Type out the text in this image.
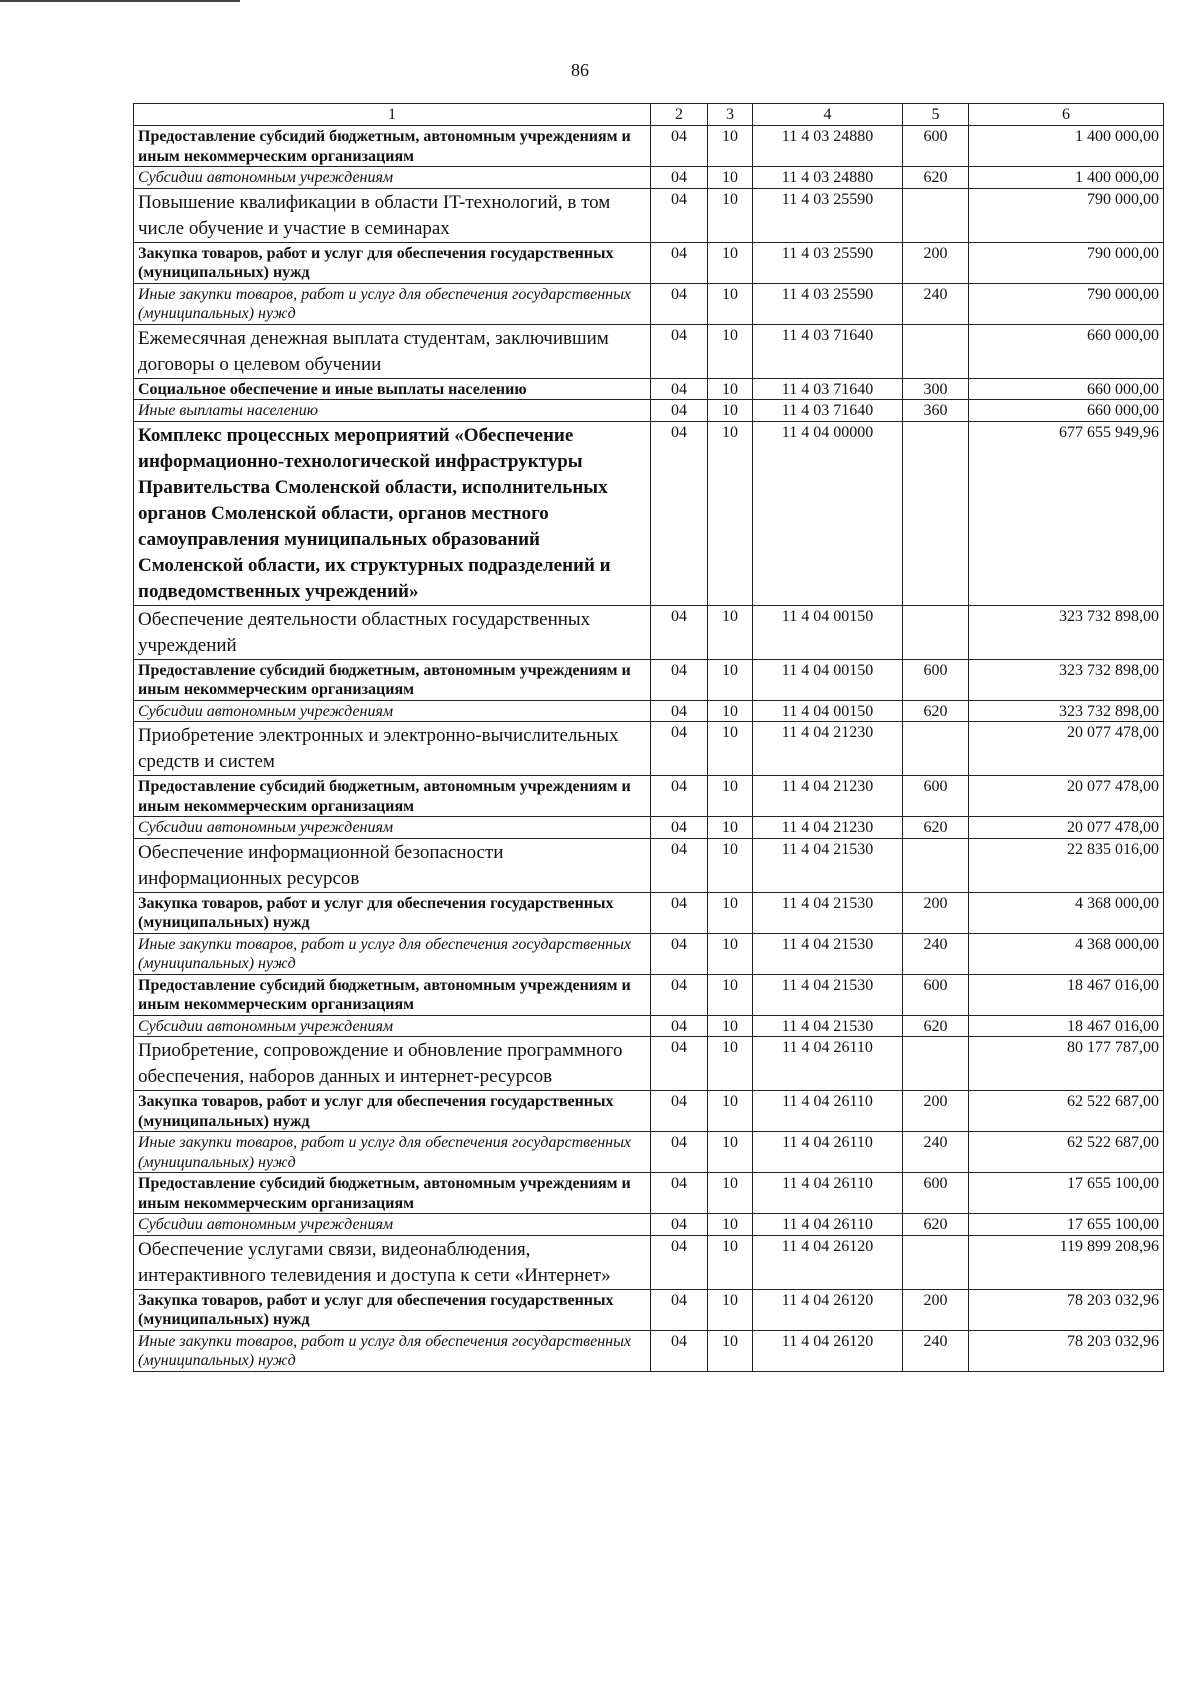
86
1	2	3	4	5	6
Предоставление субсидий бюджетным, автономным учреждениям и иным некоммерческим организациям	04	10	11 4 03 24880	600	1 400 000,00
Субсидии автономным учреждениям	04	10	11 4 03 24880	620	1 400 000,00
Повышение квалификации в области IT-технологий, в том числе обучение и участие в семинарах	04	10	11 4 03 25590		790 000,00
Закупка товаров, работ и услуг для обеспечения государственных (муниципальных) нужд	04	10	11 4 03 25590	200	790 000,00
Иные закупки товаров, работ и услуг для обеспечения государственных (муниципальных) нужд	04	10	11 4 03 25590	240	790 000,00
Ежемесячная денежная выплата студентам, заключившим договоры о целевом обучении	04	10	11 4 03 71640		660 000,00
Социальное обеспечение и иные выплаты населению	04	10	11 4 03 71640	300	660 000,00
Иные выплаты населению	04	10	11 4 03 71640	360	660 000,00
Комплекс процессных мероприятий «Обеспечение информационно-технологической инфраструктуры Правительства Смоленской области, исполнительных органов Смоленской области, органов местного самоуправления муниципальных образований Смоленской области, их структурных подразделений и подведомственных учреждений»	04	10	11 4 04 00000		677 655 949,96
Обеспечение деятельности областных государственных учреждений	04	10	11 4 04 00150		323 732 898,00
Предоставление субсидий бюджетным, автономным учреждениям и иным некоммерческим организациям	04	10	11 4 04 00150	600	323 732 898,00
Субсидии автономным учреждениям	04	10	11 4 04 00150	620	323 732 898,00
Приобретение электронных и электронно-вычислительных средств и систем	04	10	11 4 04 21230		20 077 478,00
Предоставление субсидий бюджетным, автономным учреждениям и иным некоммерческим организациям	04	10	11 4 04 21230	600	20 077 478,00
Субсидии автономным учреждениям	04	10	11 4 04 21230	620	20 077 478,00
Обеспечение информационной безопасности информационных ресурсов	04	10	11 4 04 21530		22 835 016,00
Закупка товаров, работ и услуг для обеспечения государственных (муниципальных) нужд	04	10	11 4 04 21530	200	4 368 000,00
Иные закупки товаров, работ и услуг для обеспечения государственных (муниципальных) нужд	04	10	11 4 04 21530	240	4 368 000,00
Предоставление субсидий бюджетным, автономным учреждениям и иным некоммерческим организациям	04	10	11 4 04 21530	600	18 467 016,00
Субсидии автономным учреждениям	04	10	11 4 04 21530	620	18 467 016,00
Приобретение, сопровождение и обновление программного обеспечения, наборов данных и интернет-ресурсов	04	10	11 4 04 26110		80 177 787,00
Закупка товаров, работ и услуг для обеспечения государственных (муниципальных) нужд	04	10	11 4 04 26110	200	62 522 687,00
Иные закупки товаров, работ и услуг для обеспечения государственных (муниципальных) нужд	04	10	11 4 04 26110	240	62 522 687,00
Предоставление субсидий бюджетным, автономным учреждениям и иным некоммерческим организациям	04	10	11 4 04 26110	600	17 655 100,00
Субсидии автономным учреждениям	04	10	11 4 04 26110	620	17 655 100,00
Обеспечение услугами связи, видеонаблюдения, интерактивного телевидения и доступа к сети «Интернет»	04	10	11 4 04 26120		119 899 208,96
Закупка товаров, работ и услуг для обеспечения государственных (муниципальных) нужд	04	10	11 4 04 26120	200	78 203 032,96
Иные закупки товаров, работ и услуг для обеспечения государственных (муниципальных) нужд	04	10	11 4 04 26120	240	78 203 032,96
